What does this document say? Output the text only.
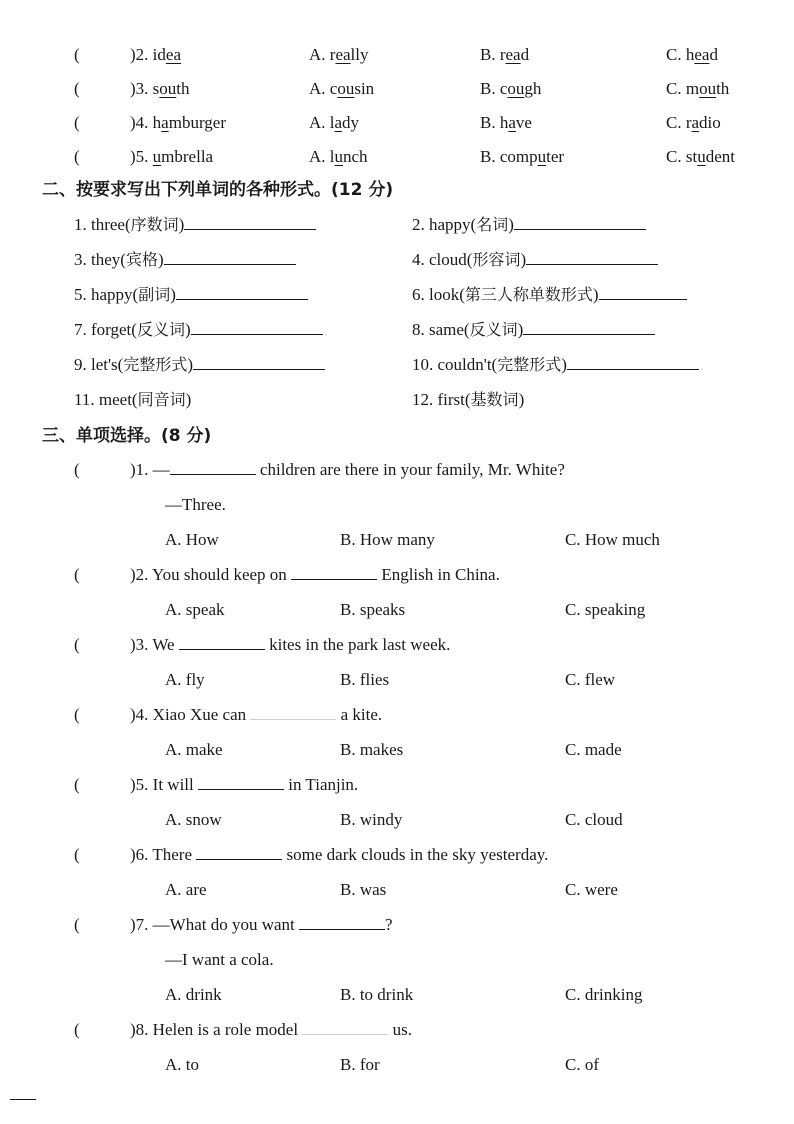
(	)2. idea	A. really	B. read	C. head
(	)3. south	A. cousin	B. cough	C. mouth
(	)4. hamburger	A. lady	B. have	C. radio
(	)5. umbrella	A. lunch	B. computer	C. student
二、按要求写出下列单词的各种形式。(12 分)
1. three(序数词)	2. happy(名词)
3. they(宾格)	4. cloud(形容词)
5. happy(副词)	6. look(第三人称单数形式)
7. forget(反义词)	8. same(反义词)
9. let's(完整形式)	10. couldn't(完整形式)
11. meet(同音词)	12. first(基数词)
三、单项选择。(8 分)
(	)1. —	children are there in your family, Mr. White?
—Three.
A. How	B. How many	C. How much
(	)2. You should keep on	English in China.
A. speak	B. speaks	C. speaking
(	)3. We	kites in the park last week.
A. fly	B. flies	C. flew
(	)4. Xiao Xue can	a kite.
A. make	B. makes	C. made
(	)5. It will	in Tianjin.
A. snow	B. windy	C. cloud
(	)6. There	some dark clouds in the sky yesterday.
A. are	B. was	C. were
(	)7. —What do you want	?
—I want a cola.
A. drink	B. to drink	C. drinking
(	)8. Helen is a role model	us.
A. to	B. for	C. of
